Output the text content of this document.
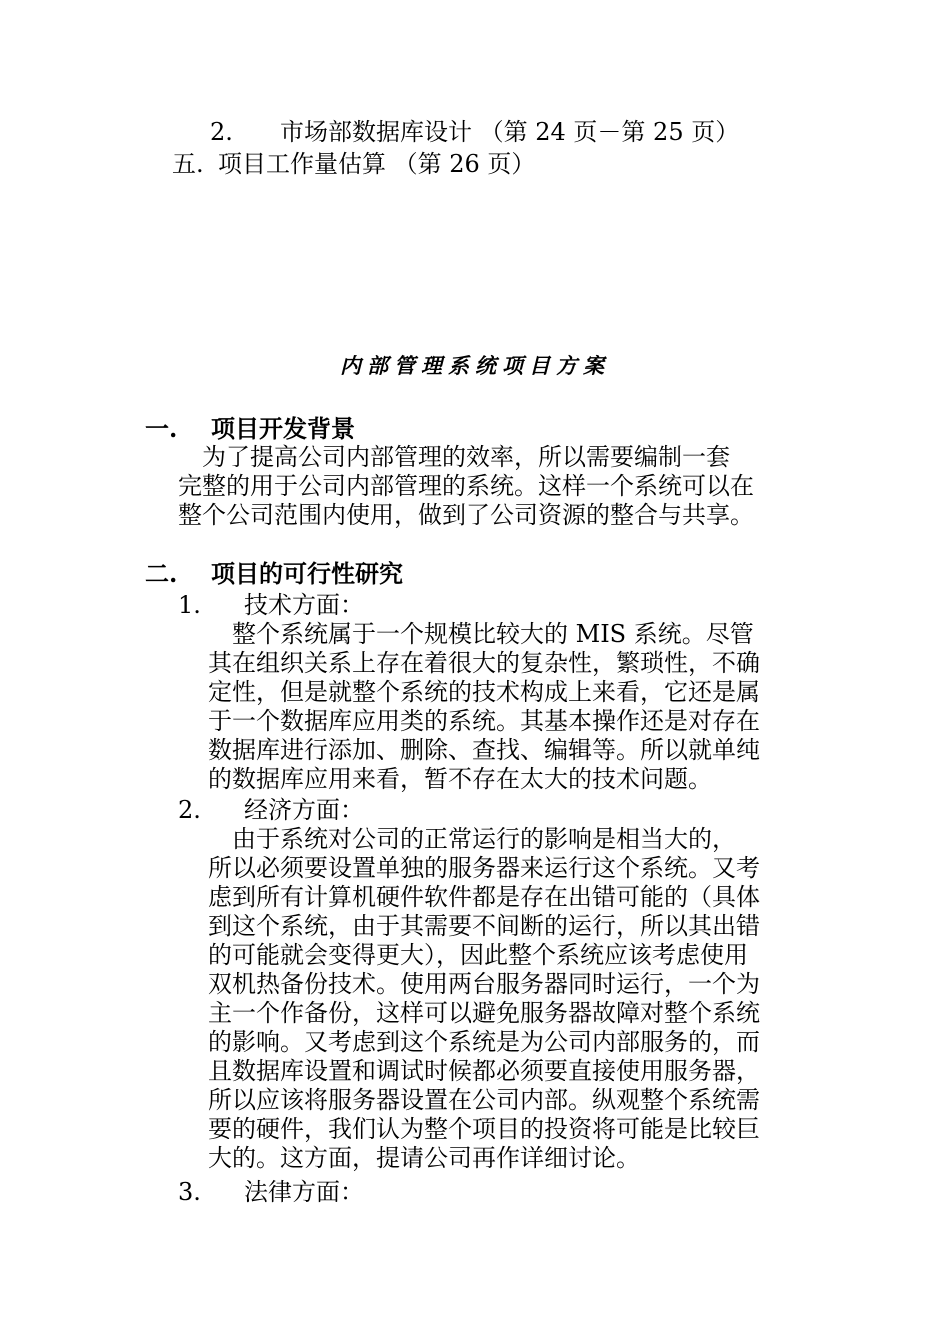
2. 市场部数据库设计 （第 24 页－第 25 页）
五. 项目工作量估算 （第 26 页）
内部管理系统项目方案
一. 项目开发背景
　为了提高公司内部管理的效率，所以需要编制一套
完整的用于公司内部管理的系统。这样一个系统可以在
整个公司范围内使用，做到了公司资源的整合与共享。
二. 项目的可行性研究
1. 技术方面：
　整个系统属于一个规模比较大的 MIS 系统。尽管
其在组织关系上存在着很大的复杂性，繁琐性，不确
定性，但是就整个系统的技术构成上来看，它还是属
于一个数据库应用类的系统。其基本操作还是对存在
数据库进行添加、删除、查找、编辑等。所以就单纯
的数据库应用来看，暂不存在太大的技术问题。
2. 经济方面：
　由于系统对公司的正常运行的影响是相当大的，
所以必须要设置单独的服务器来运行这个系统。又考
虑到所有计算机硬件软件都是存在出错可能的（具体
到这个系统，由于其需要不间断的运行，所以其出错
的可能就会变得更大），因此整个系统应该考虑使用
双机热备份技术。使用两台服务器同时运行，一个为
主一个作备份，这样可以避免服务器故障对整个系统
的影响。又考虑到这个系统是为公司内部服务的，而
且数据库设置和调试时候都必须要直接使用服务器，
所以应该将服务器设置在公司内部。纵观整个系统需
要的硬件，我们认为整个项目的投资将可能是比较巨
大的。这方面，提请公司再作详细讨论。
3. 法律方面：
